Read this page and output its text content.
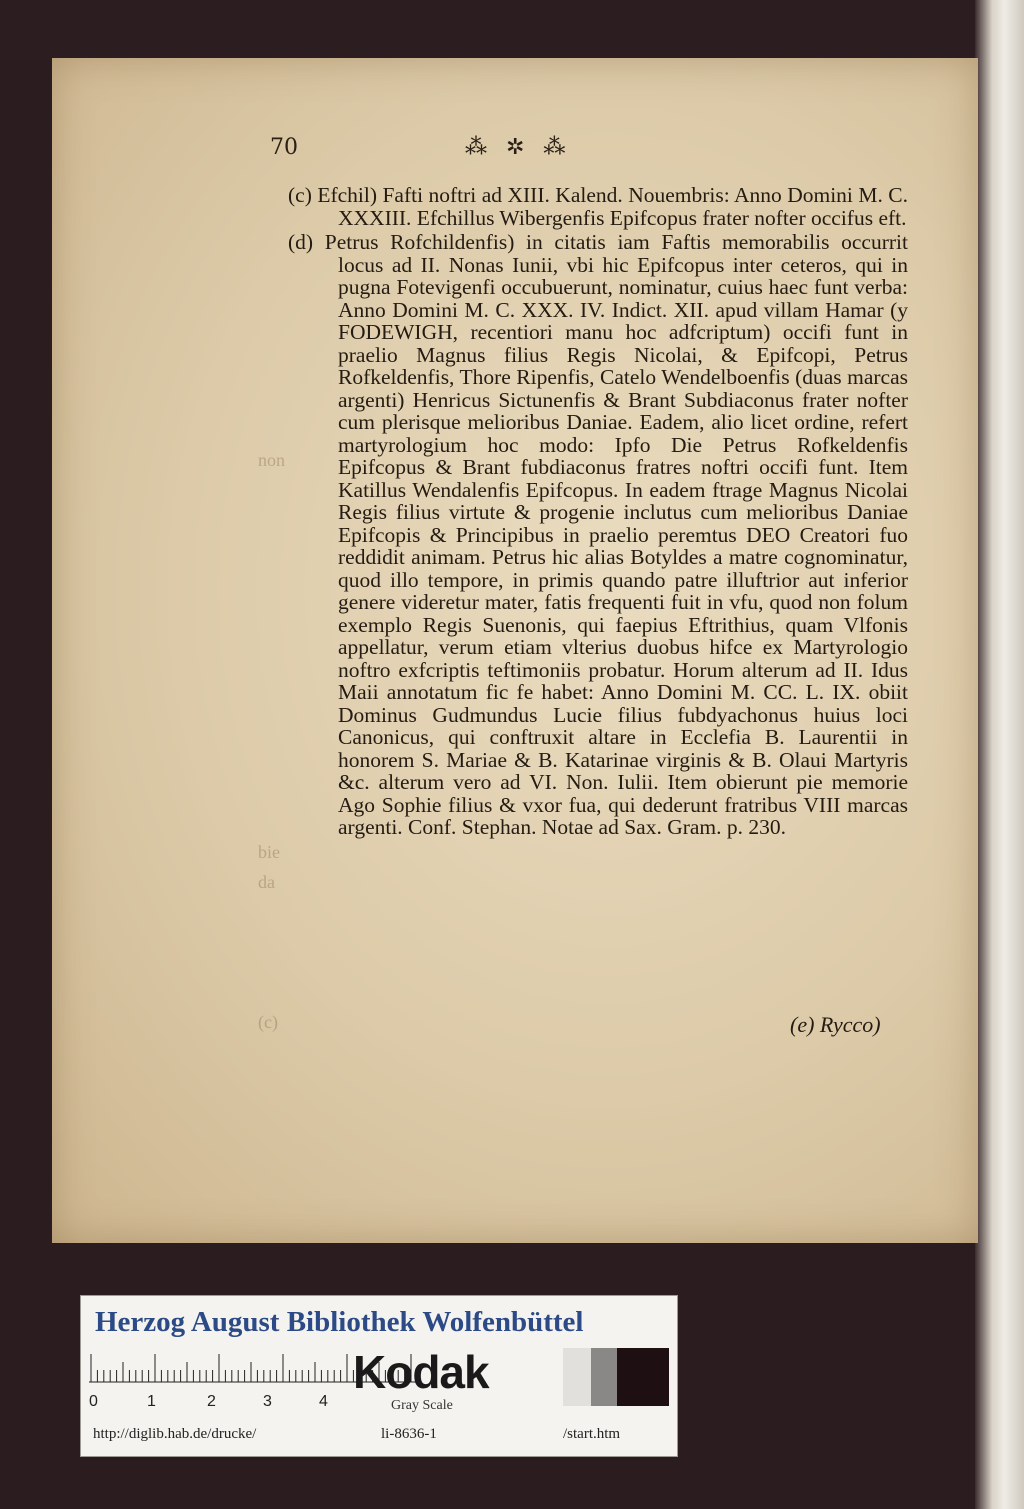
70	⁂ ✲ ⁂
bie
da
non
(c)

(c) Efchil) Fafti noftri ad XIII. Kalend. Nouembris: Anno Domini M. C. XXXIII. Efchillus Wibergenfis Epifcopus frater nofter occifus eft.

(d) Petrus Rofchildenfis) in citatis iam Faftis memorabilis occurrit locus ad II. Nonas Iunii, vbi hic Epifcopus inter ceteros, qui in pugna Fotevigenfi occubuerunt, nominatur, cuius haec funt verba: Anno Domini M. C. XXX. IV. Indict. XII. apud villam Hamar (y FODEWIGH, recentiori manu hoc adfcriptum) occifi funt in praelio Magnus filius Regis Nicolai, & Epifcopi, Petrus Rofkeldenfis, Thore Ripenfis, Catelo Wendelboenfis (duas marcas argenti) Henricus Sictunenfis & Brant Subdiaconus frater nofter cum plerisque melioribus Daniae. Eadem, alio licet ordine, refert martyrologium hoc modo: Ipfo Die Petrus Rofkeldenfis Epifcopus & Brant fubdiaconus fratres noftri occifi funt. Item Katillus Wendalenfis Epifcopus. In eadem ftrage Magnus Nicolai Regis filius virtute & progenie inclutus cum melioribus Daniae Epifcopis & Principibus in praelio peremtus DEO Creatori fuo reddidit animam. Petrus hic alias Botyldes a matre cognominatur, quod illo tempore, in primis quando patre illuftrior aut inferior genere videretur mater, fatis frequenti fuit in vfu, quod non folum exemplo Regis Suenonis, qui faepius Eftrithius, quam Vlfonis appellatur, verum etiam vlterius duobus hifce ex Martyrologio noftro exfcriptis teftimoniis probatur. Horum alterum ad II. Idus Maii annotatum fic fe habet: Anno Domini M. CC. L. IX. obiit Dominus Gudmundus Lucie filius fubdyachonus huius loci Canonicus, qui conftruxit altare in Ecclefia B. Laurentii in honorem S. Mariae & B. Katarinae virginis & B. Olaui Martyris &c. alterum vero ad VI. Non. Iulii. Item obierunt pie memorie Ago Sophie filius & vxor fua, qui dederunt fratribus VIII marcas argenti. Conf. Stephan. Notae ad Sax. Gram. p. 230.

(e) Rycco)
Herzog August Bibliothek Wolfenbüttel
0	1	2	3	4
Kodak
Gray Scale
http://diglib.hab.de/drucke/	li-8636-1	/start.htm
